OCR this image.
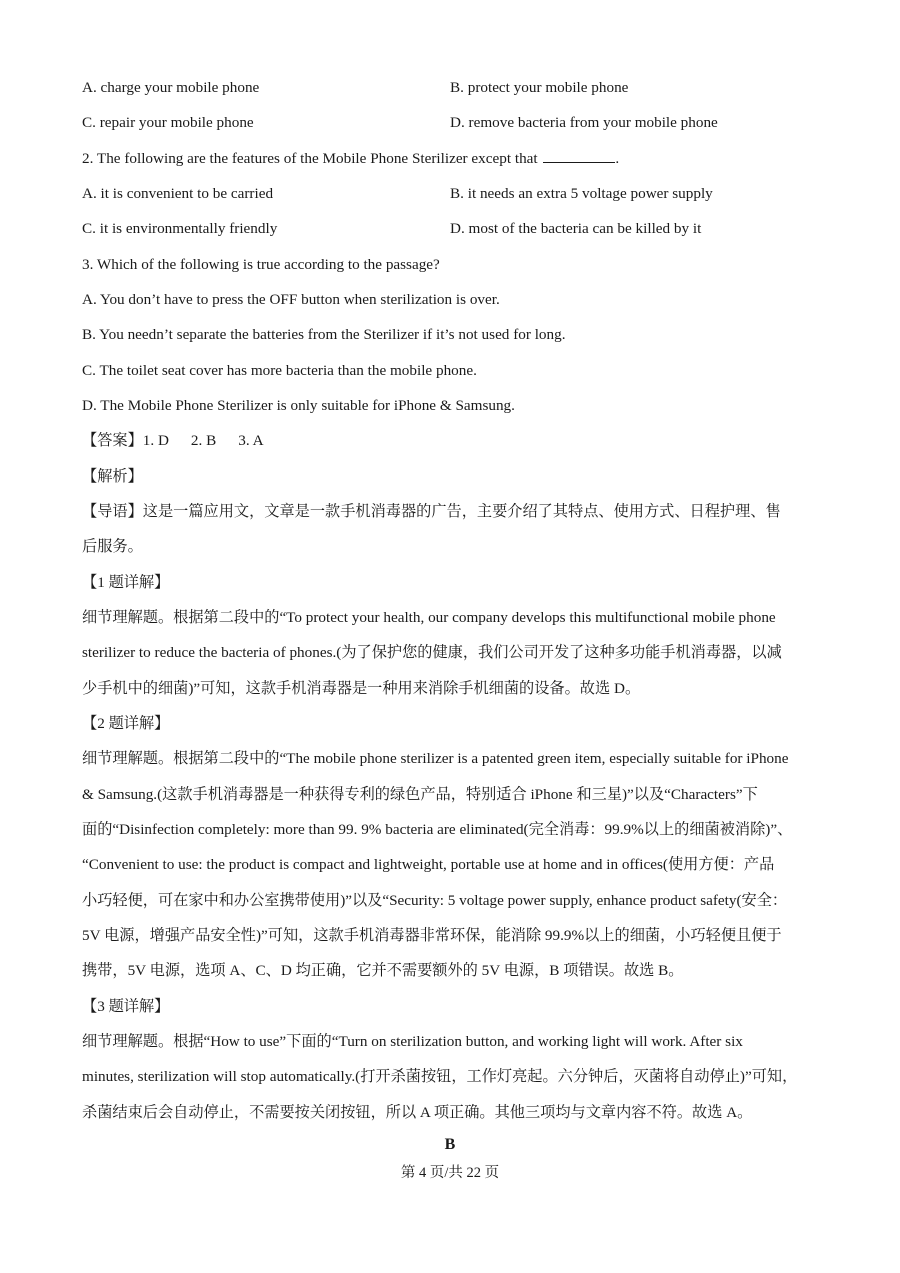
A. charge your mobile phone	B. protect your mobile phone
C. repair your mobile phone	D. remove bacteria from your mobile phone
2. The following are the features of the Mobile Phone Sterilizer except that	.
A. it is convenient to be carried	B. it needs an extra 5 voltage power supply
C. it is environmentally friendly	D. most of the bacteria can be killed by it
3. Which of the following is true according to the passage?
A. You don’t have to press the OFF button when sterilization is over.
B. You needn’t separate the batteries from the Sterilizer if it’s not used for long.
C. The toilet seat cover has more bacteria than the mobile phone.
D. The Mobile Phone Sterilizer is only suitable for iPhone & Samsung.
【答案】1. D 2. B 3. A
【解析】
【导语】这是一篇应用文，文章是一款手机消毒器的广告，主要介绍了其特点、使用方式、日程护理、售
后服务。
【1 题详解】
细节理解题。根据第二段中的“To protect your health, our company develops this multifunctional mobile phone
sterilizer to reduce the bacteria of phones.(为了保护您的健康，我们公司开发了这种多功能手机消毒器，以减
少手机中的细菌)”可知，这款手机消毒器是一种用来消除手机细菌的设备。故选 D。
【2 题详解】
细节理解题。根据第二段中的“The mobile phone sterilizer is a patented green item, especially suitable for iPhone
& Samsung.(这款手机消毒器是一种获得专利的绿色产品，特别适合 iPhone 和三星)”以及“Characters”下
面的“Disinfection completely: more than 99. 9% bacteria are eliminated(完全消毒：99.9%以上的细菌被消除)”、
“Convenient to use: the product is compact and lightweight, portable use at home and in offices(使用方便：产品
小巧轻便，可在家中和办公室携带使用)”以及“Security: 5 voltage power supply, enhance product safety(安全：
5V 电源，增强产品安全性)”可知，这款手机消毒器非常环保，能消除 99.9%以上的细菌，小巧轻便且便于
携带，5V 电源，选项 A、C、D 均正确，它并不需要额外的 5V 电源，B 项错误。故选 B。
【3 题详解】
细节理解题。根据“How to use”下面的“Turn on sterilization button, and working light will work. After six
minutes, sterilization will stop automatically.(打开杀菌按钮，工作灯亮起。六分钟后，灭菌将自动停止)”可知，
杀菌结束后会自动停止，不需要按关闭按钮，所以 A 项正确。其他三项均与文章内容不符。故选 A。
B
第 4 页/共 22 页
